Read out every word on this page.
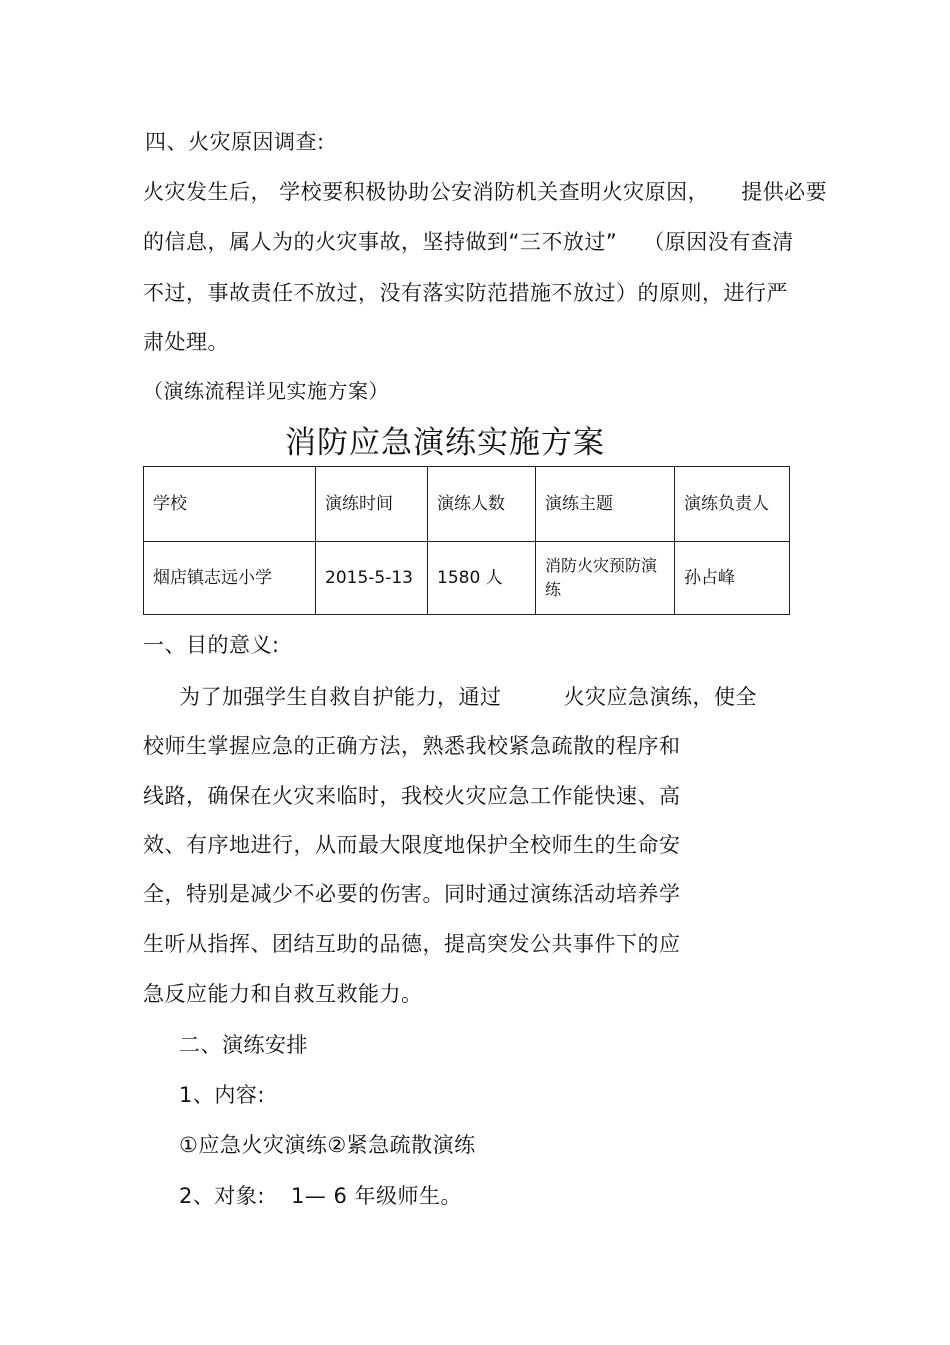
四、火灾原因调查:
火灾发生后， 学校要积极协助公安消防机关查明火灾原因， 提供必要
的信息，属人为的火灾事故，坚持做到“三不放过” （原因没有查清
不过，事故责任不放过，没有落实防范措施不放过）的原则，进行严
肃处理。
（演练流程详见实施方案）
消防应急演练实施方案
学校	演练时间	演练人数	演练主题	演练负责人
烟店镇志远小学	2015-5-13	1580 人	消防火灾预防演练	孙占峰
一、目的意义:
为了加强学生自救自护能力，通过	火灾应急演练，使全
校师生掌握应急的正确方法，熟悉我校紧急疏散的程序和
线路，确保在火灾来临时，我校火灾应急工作能快速、高
效、有序地进行，从而最大限度地保护全校师生的生命安
全，特别是减少不必要的伤害。同时通过演练活动培养学
生听从指挥、团结互助的品德，提高突发公共事件下的应
急反应能力和自救互救能力。
二、演练安排
1、内容:
①应急火灾演练②紧急疏散演练
2、对象: 1— 6 年级师生。
